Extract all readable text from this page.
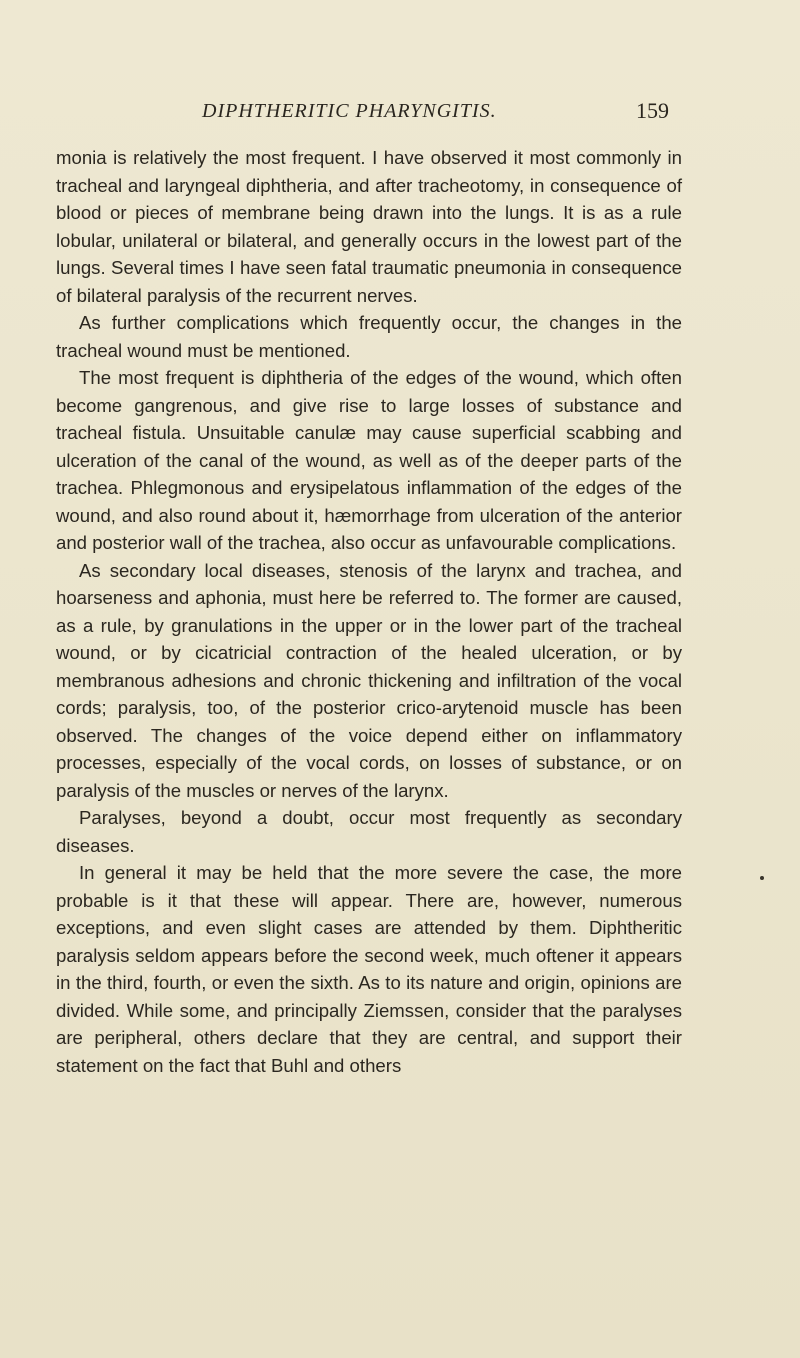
DIPHTHERITIC PHARYNGITIS.	159

monia is relatively the most frequent. I have observed it most commonly in tracheal and laryngeal diphtheria, and after tracheotomy, in consequence of blood or pieces of membrane being drawn into the lungs. It is as a rule lobular, unilateral or bilateral, and generally occurs in the lowest part of the lungs. Several times I have seen fatal traumatic pneumonia in consequence of bilateral paralysis of the recurrent nerves.

As further complications which frequently occur, the changes in the tracheal wound must be mentioned.

The most frequent is diphtheria of the edges of the wound, which often become gangrenous, and give rise to large losses of substance and tracheal fistula. Unsuitable canulæ may cause superficial scabbing and ulceration of the canal of the wound, as well as of the deeper parts of the trachea. Phlegmonous and erysipelatous inflammation of the edges of the wound, and also round about it, hæmorrhage from ulceration of the anterior and posterior wall of the trachea, also occur as unfavourable complications.

As secondary local diseases, stenosis of the larynx and trachea, and hoarseness and aphonia, must here be referred to. The former are caused, as a rule, by granulations in the upper or in the lower part of the tracheal wound, or by cicatricial contraction of the healed ulceration, or by membranous adhesions and chronic thickening and infiltration of the vocal cords; paralysis, too, of the posterior crico-arytenoid muscle has been observed. The changes of the voice depend either on inflammatory processes, especially of the vocal cords, on losses of substance, or on paralysis of the muscles or nerves of the larynx.

Paralyses, beyond a doubt, occur most frequently as secondary diseases.

In general it may be held that the more severe the case, the more probable is it that these will appear. There are, however, numerous exceptions, and even slight cases are attended by them. Diphtheritic paralysis seldom appears before the second week, much oftener it appears in the third, fourth, or even the sixth. As to its nature and origin, opinions are divided. While some, and principally Ziemssen, consider that the paralyses are peripheral, others declare that they are central, and support their statement on the fact that Buhl and others
